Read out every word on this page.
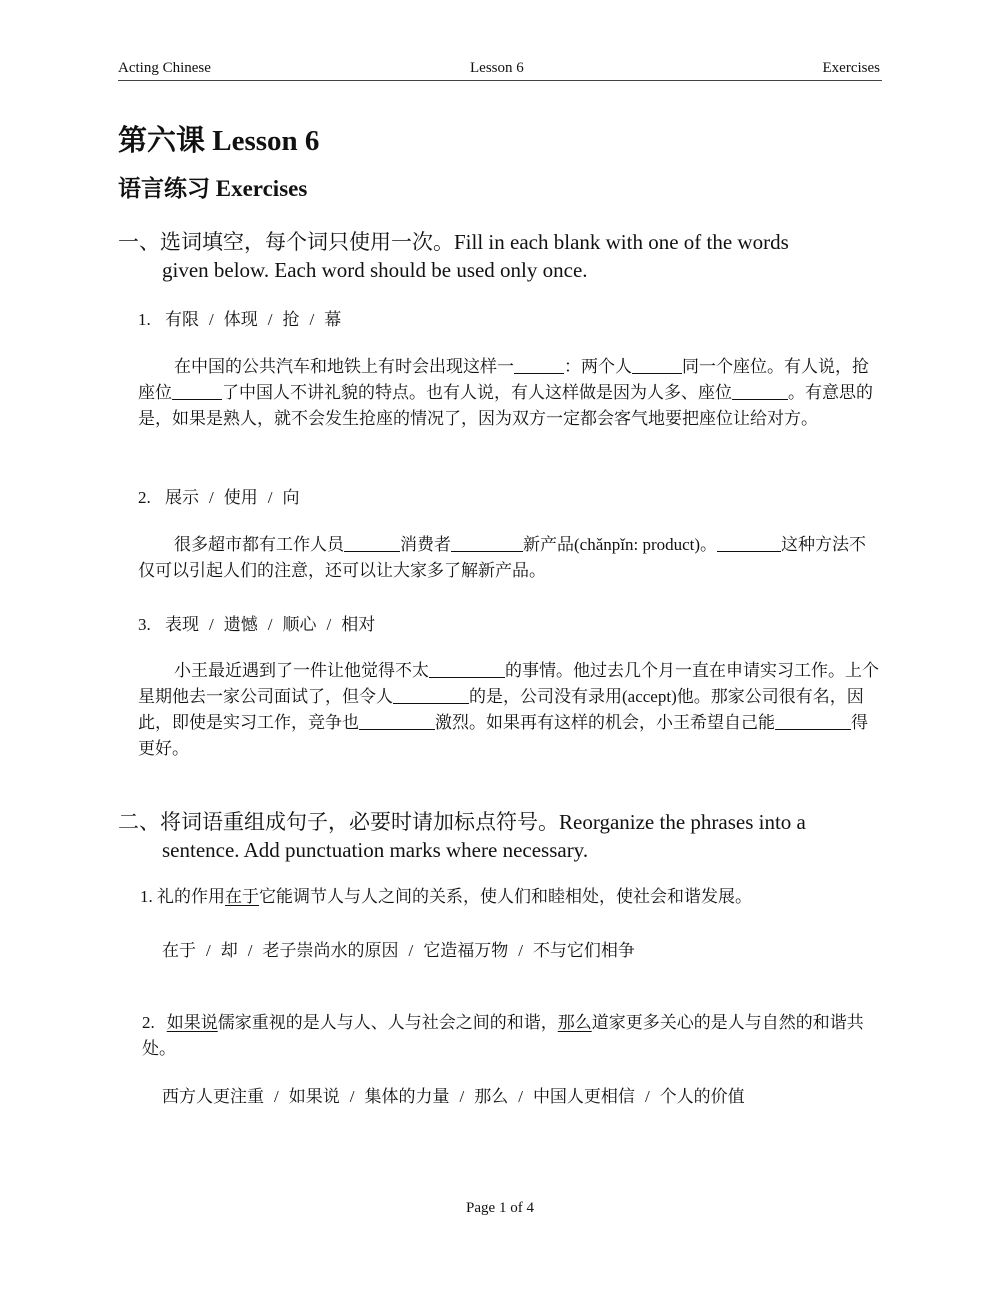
Acting Chinese	Lesson 6	Exercises
第六课 Lesson 6
语言练习 Exercises
一、选词填空，每个词只使用一次。Fill in each blank with one of the words
given below. Each word should be used only once.
1. 有限 / 体现 / 抢 / 幕
在中国的公共汽车和地铁上有时会出现这样一	：两个人	同一个座位。有人说，抢座位	了中国人不讲礼貌的特点。也有人说，有人这样做是因为人多、座位	。有意思的是，如果是熟人，就不会发生抢座的情况了，因为双方一定都会客气地要把座位让给对方。
2. 展示 / 使用 / 向
很多超市都有工作人员	消费者	新产品(chǎnpǐn: product)。	这种方法不仅可以引起人们的注意，还可以让大家多了解新产品。
3. 表现 / 遗憾 / 顺心 / 相对
小王最近遇到了一件让他觉得不太	的事情。他过去几个月一直在申请实习工作。上个星期他去一家公司面试了，但令人	的是，公司没有录用(accept)他。那家公司很有名，因此，即使是实习工作，竞争也	激烈。如果再有这样的机会，小王希望自己能	得更好。
二、将词语重组成句子，必要时请加标点符号。Reorganize the phrases into a
sentence. Add punctuation marks where necessary.
1. 礼的作用在于它能调节人与人之间的关系，使人们和睦相处，使社会和谐发展。
在于 / 却 / 老子崇尚水的原因 / 它造福万物 / 不与它们相争
2. 如果说儒家重视的是人与人、人与社会之间的和谐，那么道家更多关心的是人与自然的和谐共处。
西方人更注重 / 如果说 / 集体的力量 / 那么 / 中国人更相信 / 个人的价值
Page 1 of 4
